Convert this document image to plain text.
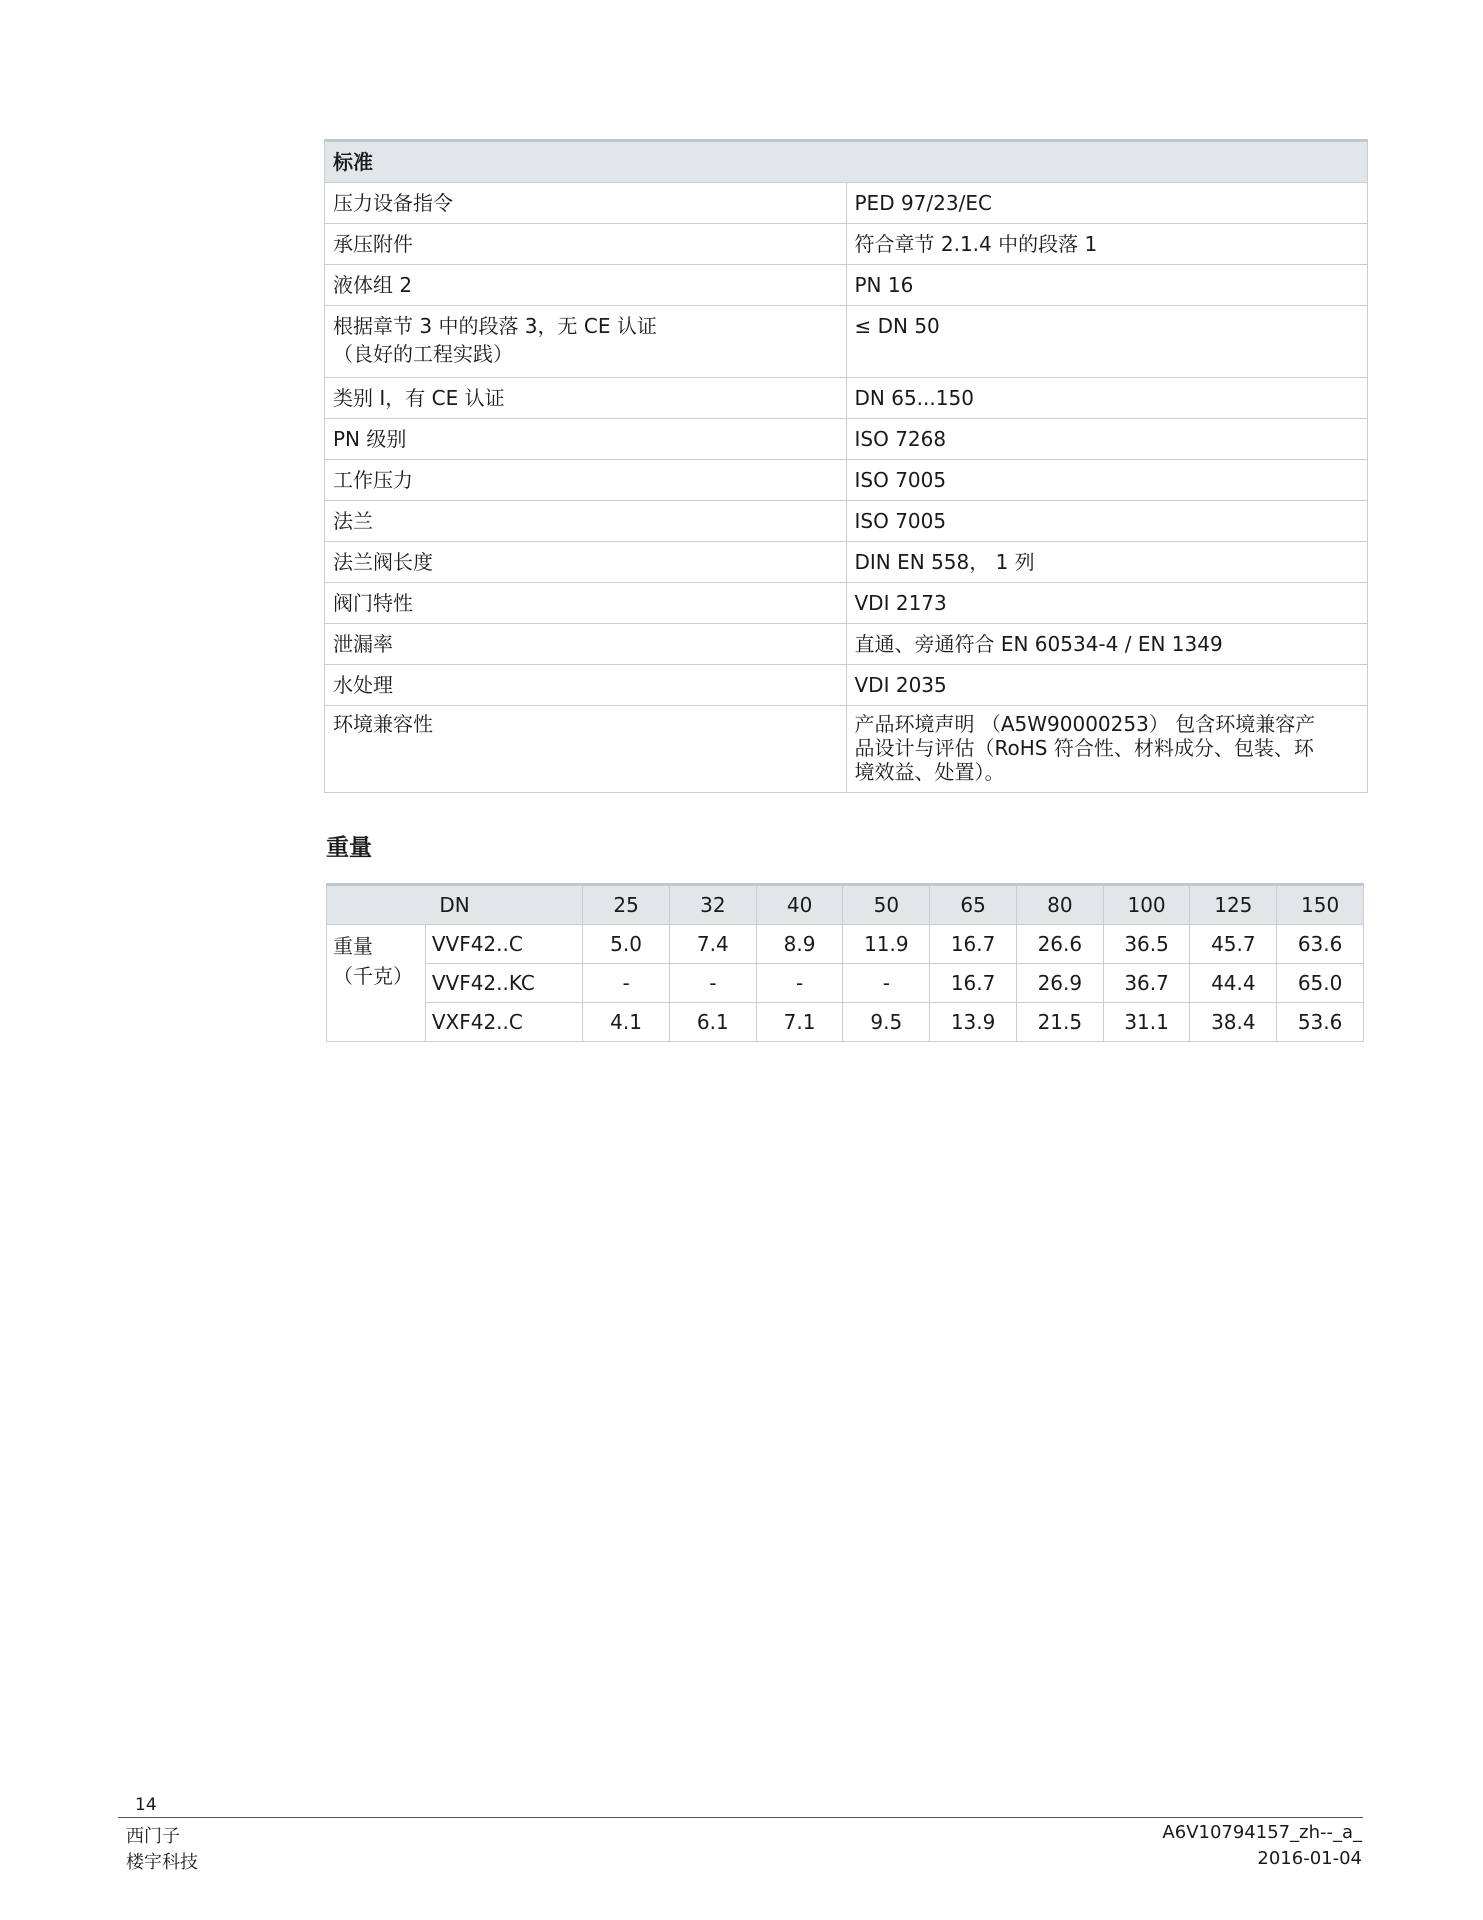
标准	
压力设备指令	PED 97/23/EC
承压附件	符合章节 2.1.4 中的段落 1
液体组 2	PN 16

根据章节 3 中的段落 3，无 CE 认证
（良好的工程实践）	≤ DN 50
类别 I，有 CE 认证	DN 65...150
PN 级别	ISO 7268
工作压力	ISO 7005
法兰	ISO 7005
法兰阀长度	DIN EN 558， 1 列
阀门特性	VDI 2173
泄漏率	直通、旁通符合 EN 60534-4 / EN 1349
水处理	VDI 2035
环境兼容性	产品环境声明 （A5W90000253） 包含环境兼容产
品设计与评估（RoHS 符合性、材料成分、包装、环
境效益、处置）。
重量
DN		25	32	40	50	65	80	100	125	150

重量
（千克）	VVF42..C	5.0	7.4	8.9	11.9	16.7	26.6	36.5	45.7	63.6
	VVF42..KC	-	-	-	-	16.7	26.9	36.7	44.4	65.0
	VXF42..C	4.1	6.1	7.1	9.5	13.9	21.5	31.1	38.4	53.6
14
西门子
楼宇科技
A6V10794157_zh--_a_
2016-01-04
